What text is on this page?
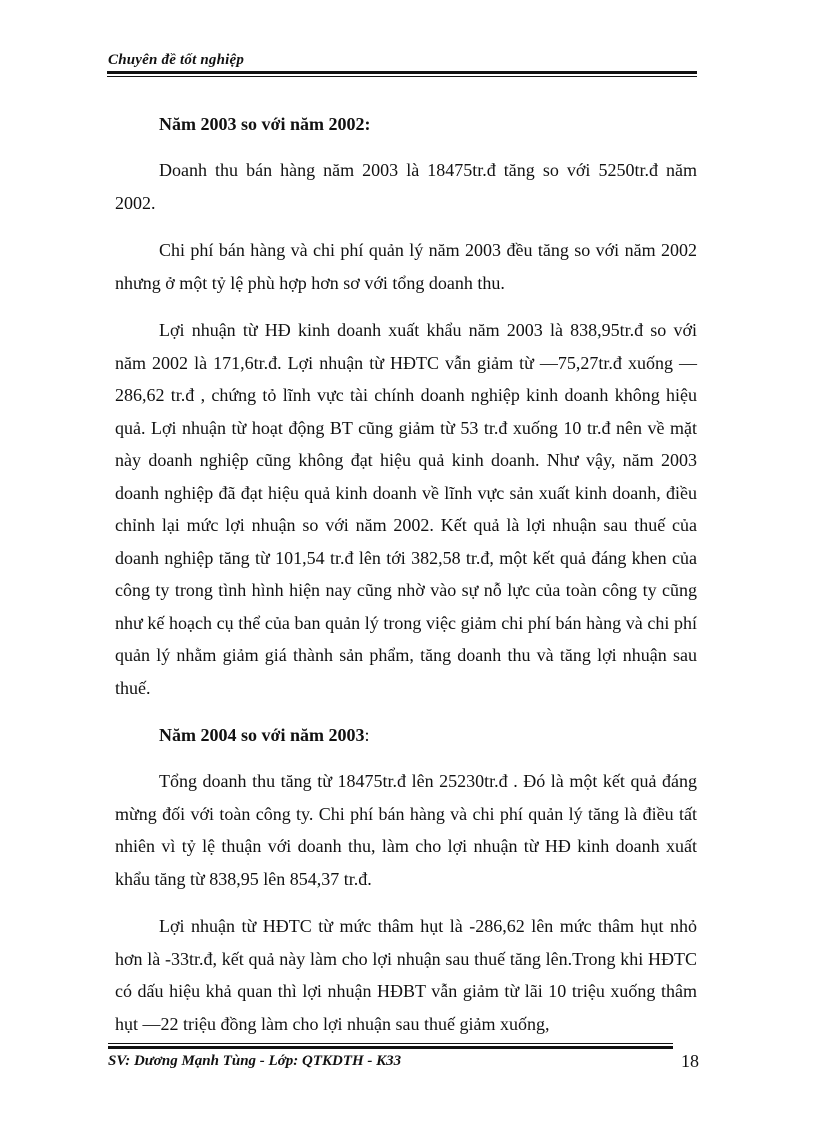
Chuyên đề tốt nghiệp
Năm 2003 so với năm 2002:

Doanh thu bán hàng năm 2003 là 18475tr.đ tăng so với 5250tr.đ năm 2002.

Chi phí bán hàng và chi phí quản lý năm 2003 đều tăng so với năm 2002 nhưng ở một tỷ lệ phù hợp hơn sơ với tổng doanh thu.

Lợi nhuận từ HĐ kinh doanh xuất khẩu năm 2003 là 838,95tr.đ so với năm 2002 là 171,6tr.đ. Lợi nhuận từ HĐTC vẫn giảm từ —75,27tr.đ xuống —286,62 tr.đ , chứng tỏ lĩnh vực tài chính doanh nghiệp kinh doanh không hiệu quả. Lợi nhuận từ hoạt động BT cũng giảm từ 53 tr.đ xuống 10 tr.đ nên về mặt này doanh nghiệp cũng không đạt hiệu quả kinh doanh. Như vậy, năm 2003 doanh nghiệp đã đạt hiệu quả kinh doanh về lĩnh vực sản xuất kinh doanh, điều chỉnh lại mức lợi nhuận so với năm 2002. Kết quả là lợi nhuận sau thuế của doanh nghiệp tăng từ 101,54 tr.đ lên tới 382,58 tr.đ, một kết quả đáng khen của công ty trong tình hình hiện nay cũng nhờ vào sự nỗ lực của toàn công ty cũng như kế hoạch cụ thể của ban quản lý trong việc giảm chi phí bán hàng và chi phí quản lý nhằm giảm giá thành sản phẩm, tăng doanh thu và tăng lợi nhuận sau thuế.

Năm 2004 so với năm 2003:

Tổng doanh thu tăng từ 18475tr.đ lên 25230tr.đ . Đó là một kết quả đáng mừng đối với toàn công ty. Chi phí bán hàng và chi phí quản lý tăng là điều tất nhiên vì tỷ lệ thuận với doanh thu, làm cho lợi nhuận từ HĐ kinh doanh xuất khẩu tăng từ 838,95 lên 854,37 tr.đ.

Lợi nhuận từ HĐTC từ mức thâm hụt là -286,62 lên mức thâm hụt nhỏ hơn là -33tr.đ, kết quả này làm cho lợi nhuận sau thuế tăng lên.Trong khi HĐTC có dấu hiệu khả quan thì lợi nhuận HĐBT vẫn giảm từ lãi 10 triệu xuống thâm hụt —22 triệu đồng làm cho lợi nhuận sau thuế giảm xuống,

SV: Dương Mạnh Tùng - Lớp: QTKDTH - K33	18
